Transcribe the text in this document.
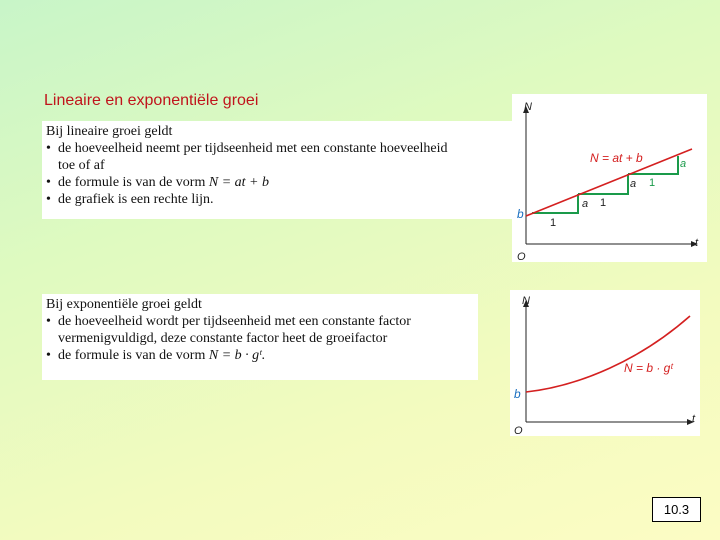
Lineaire en exponentiële groei
Bij lineaire groei geldt
• de hoeveelheid neemt per tijdseenheid met een constante hoeveelheid
toe of af
• de formule is van de vorm N = at + b
• de grafiek is een rechte lijn.
N
t
O
N = at + b
b
1
a 1
a 1
a
Bij exponentiële groei geldt
• de hoeveelheid wordt per tijdseenheid met een constante factor
vermenigvuldigd, deze constante factor heet de groeifactor
• de formule is van de vorm N = b · gᵗ.
N
t
O
N = b · gᵗ
b
10.3
